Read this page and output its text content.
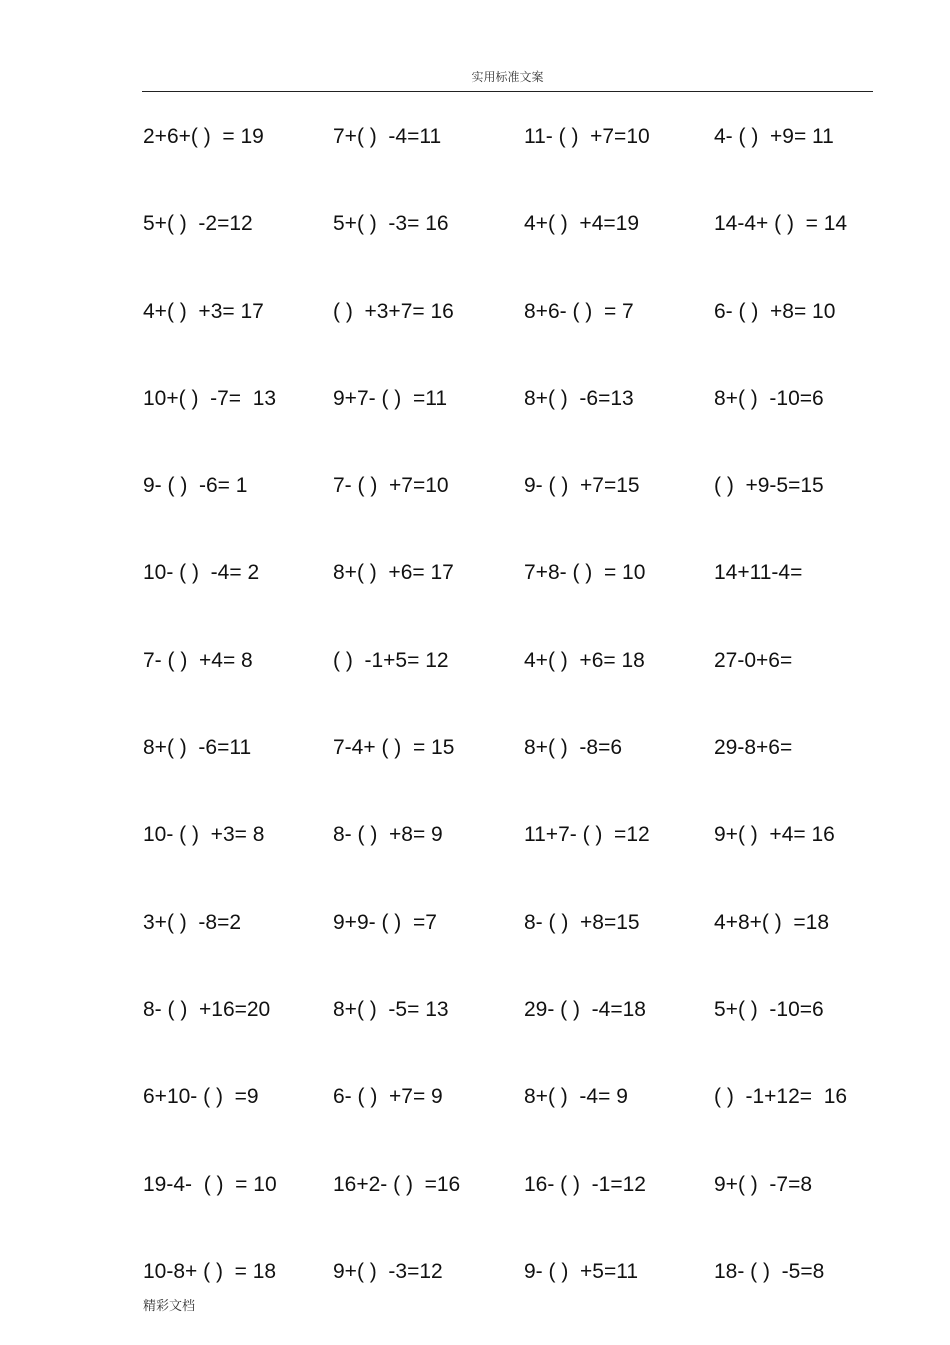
实用标准文案
2+6+( )  = 19	7+( )  -4=11	11- ( )  +7=10	4- ( )  +9= 11
5+( )  -2=12	5+( )  -3= 16	4+( )  +4=19	14-4+ ( )  = 14
4+( )  +3= 17	( )  +3+7= 16	8+6- ( )  = 7	6- ( )  +8= 10
10+( )  -7=  13	9+7- ( )  =11	8+( )  -6=13	8+( )  -10=6
9- ( )  -6= 1	7- ( )  +7=10	9- ( )  +7=15	( )  +9-5=15
10- ( )  -4= 2	8+( )  +6= 17	7+8- ( )  = 10	14+11-4=
7- ( )  +4= 8	( )  -1+5= 12	4+( )  +6= 18	27-0+6=
8+( )  -6=11	7-4+ ( )  = 15	8+( )  -8=6	29-8+6=
10- ( )  +3= 8	8- ( )  +8= 9	11+7- ( )  =12	9+( )  +4= 16
3+( )  -8=2	9+9- ( )  =7	8- ( )  +8=15	4+8+( )  =18
8- ( )  +16=20	8+( )  -5= 13	29- ( )  -4=18	5+( )  -10=6
6+10- ( )  =9	6- ( )  +7= 9	8+( )  -4= 9	( )  -1+12=  16
19-4-  ( )  = 10	16+2- ( )  =16	16- ( )  -1=12	9+( )  -7=8
10-8+ ( )  = 18	9+( )  -3=12	9- ( )  +5=11	18- ( )  -5=8
精彩文档
